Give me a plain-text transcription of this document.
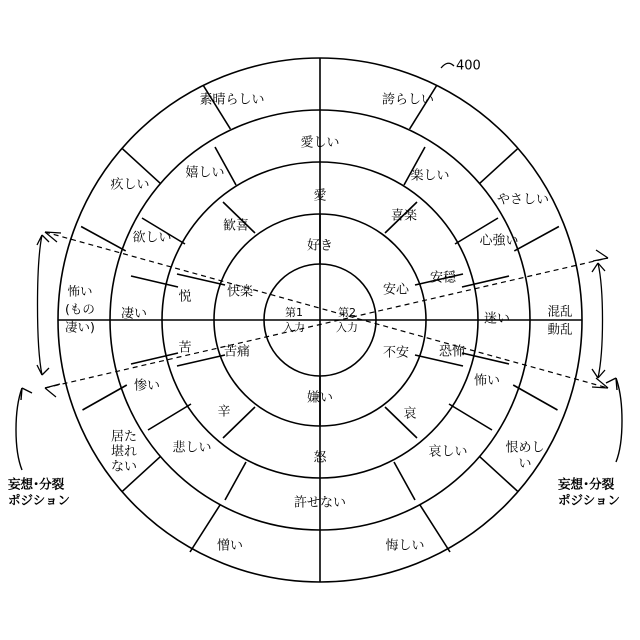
400
誇らしい
素晴らしい
疚しい
やさしい
心強い
迷い
怖い
恨めし
い
悔しい
憎い
居た
堪れ
ない
愛しい
楽しい
安穏
恐怖
哀しい
許せない
悲しい
惨い
凄い
欲しい
嬉しい
愛
喜楽
安心
不安
哀
怒
辛
苦痛
快楽
歓喜
好き
嫌い
悦
苦
第1
入力
第2
入力
怖い
(もの
凄い)
混乱
動乱
妄想･分裂
ポジション
妄想･分裂
ポジション
